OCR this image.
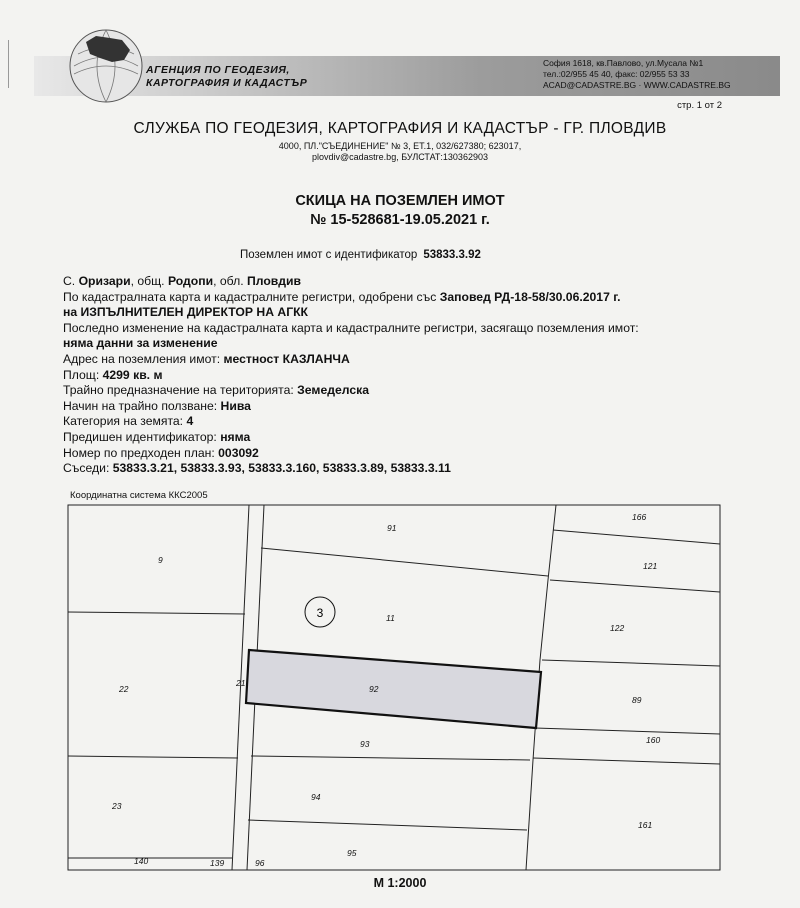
АГЕНЦИЯ ПО ГЕОДЕЗИЯ,
КАРТОГРАФИЯ И КАДАСТЪР
София 1618, кв.Павлово, ул.Мусала №1
тел.:02/955 45 40, факс: 02/955 53 33
ACAD@CADASTRE.BG · WWW.CADASTRE.BG
стр. 1 от 2
СЛУЖБА ПО ГЕОДЕЗИЯ, КАРТОГРАФИЯ И КАДАСТЪР - ГР. ПЛОВДИВ
4000, ПЛ."СЪЕДИНЕНИЕ" № 3, ЕТ.1, 032/627380; 623017,
plovdiv@cadastre.bg, БУЛСТАТ:130362903
СКИЦА НА ПОЗЕМЛЕН ИМОТ
№ 15-528681-19.05.2021 г.
Поземлен имот с идентификатор 53833.3.92
С. Оризари, общ. Родопи, обл. Пловдив
По кадастралната карта и кадастралните регистри, одобрени със Заповед РД-18-58/30.06.2017 г.
на ИЗПЪЛНИТЕЛЕН ДИРЕКТОР НА АГКК
Последно изменение на кадастралната карта и кадастралните регистри, засягащо поземления имот:
няма данни за изменение
Адрес на поземления имот: местност КАЗЛАНЧА
Площ: 4299 кв. м
Трайно предназначение на територията: Земеделска
Начин на трайно ползване: Нива
Категория на земята: 4
Предишен идентификатор: няма
Номер по предходен план: 003092
Съседи: 53833.3.21, 53833.3.93, 53833.3.160, 53833.3.89, 53833.3.11
Координатна система ККС2005
3
91
11
92
93
94
95
9
22
23
21
166
121
122
89
160
161
140	139	96
М 1:2000
